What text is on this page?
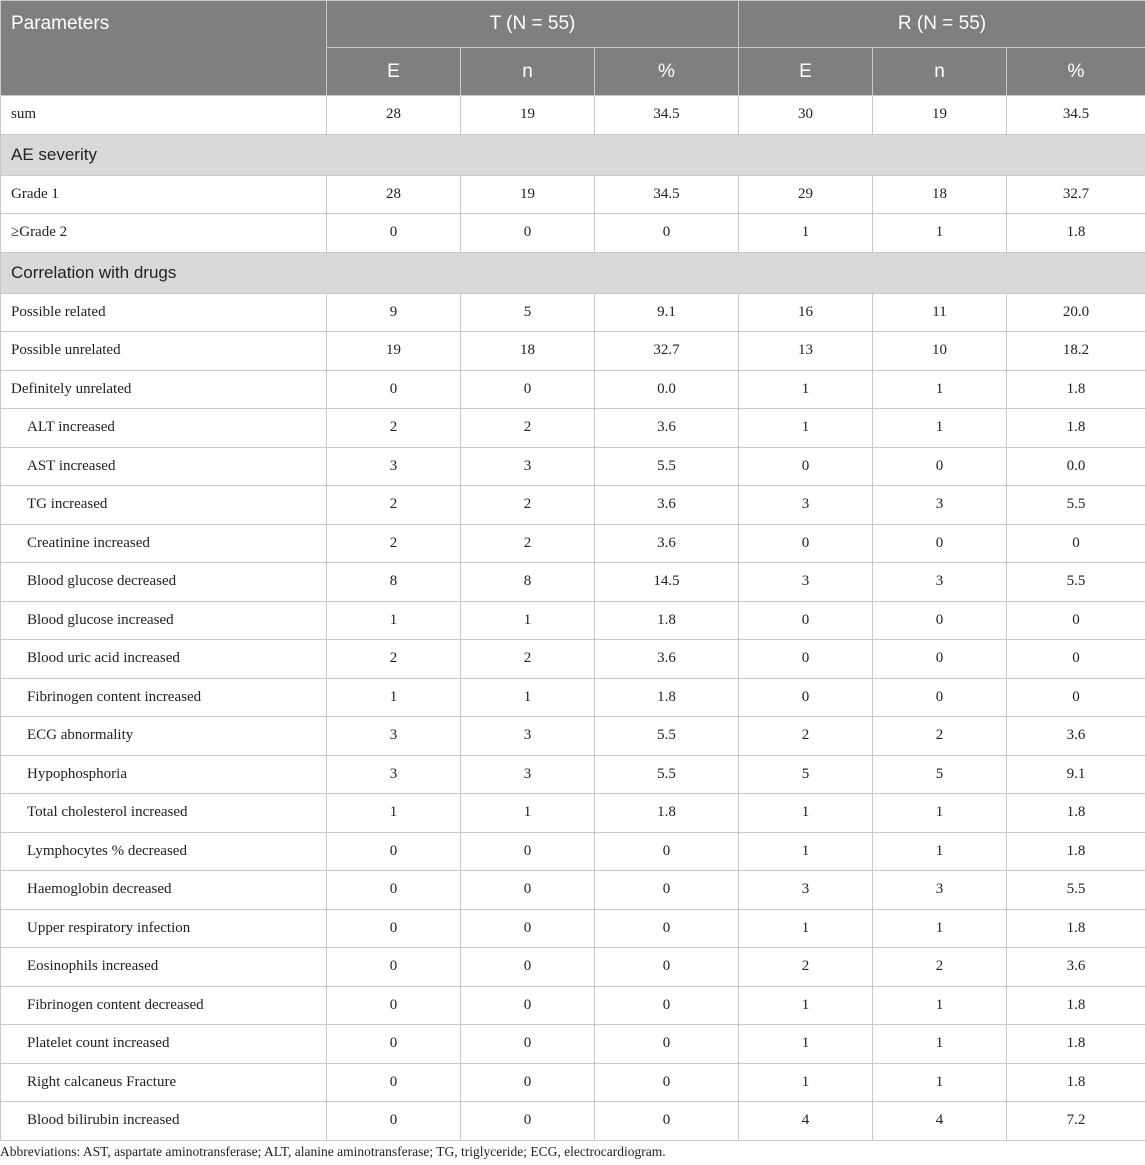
Parameters	T (N = 55)			R (N = 55)		
	E	n	%	E	n	%
sum	28	19	34.5	30	19	34.5
AE severity						
Grade 1	28	19	34.5	29	18	32.7
≥Grade 2	0	0	0	1	1	1.8
Correlation with drugs						
Possible related	9	5	9.1	16	11	20.0
Possible unrelated	19	18	32.7	13	10	18.2
Definitely unrelated	0	0	0.0	1	1	1.8
ALT increased	2	2	3.6	1	1	1.8
AST increased	3	3	5.5	0	0	0.0
TG increased	2	2	3.6	3	3	5.5
Creatinine increased	2	2	3.6	0	0	0
Blood glucose decreased	8	8	14.5	3	3	5.5
Blood glucose increased	1	1	1.8	0	0	0
Blood uric acid increased	2	2	3.6	0	0	0
Fibrinogen content increased	1	1	1.8	0	0	0
ECG abnormality	3	3	5.5	2	2	3.6
Hypophosphoria	3	3	5.5	5	5	9.1
Total cholesterol increased	1	1	1.8	1	1	1.8
Lymphocytes % decreased	0	0	0	1	1	1.8
Haemoglobin decreased	0	0	0	3	3	5.5
Upper respiratory infection	0	0	0	1	1	1.8
Eosinophils increased	0	0	0	2	2	3.6
Fibrinogen content decreased	0	0	0	1	1	1.8
Platelet count increased	0	0	0	1	1	1.8
Right calcaneus Fracture	0	0	0	1	1	1.8
Blood bilirubin increased	0	0	0	4	4	7.2
Abbreviations: AST, aspartate aminotransferase; ALT, alanine aminotransferase; TG, triglyceride; ECG, electrocardiogram.
